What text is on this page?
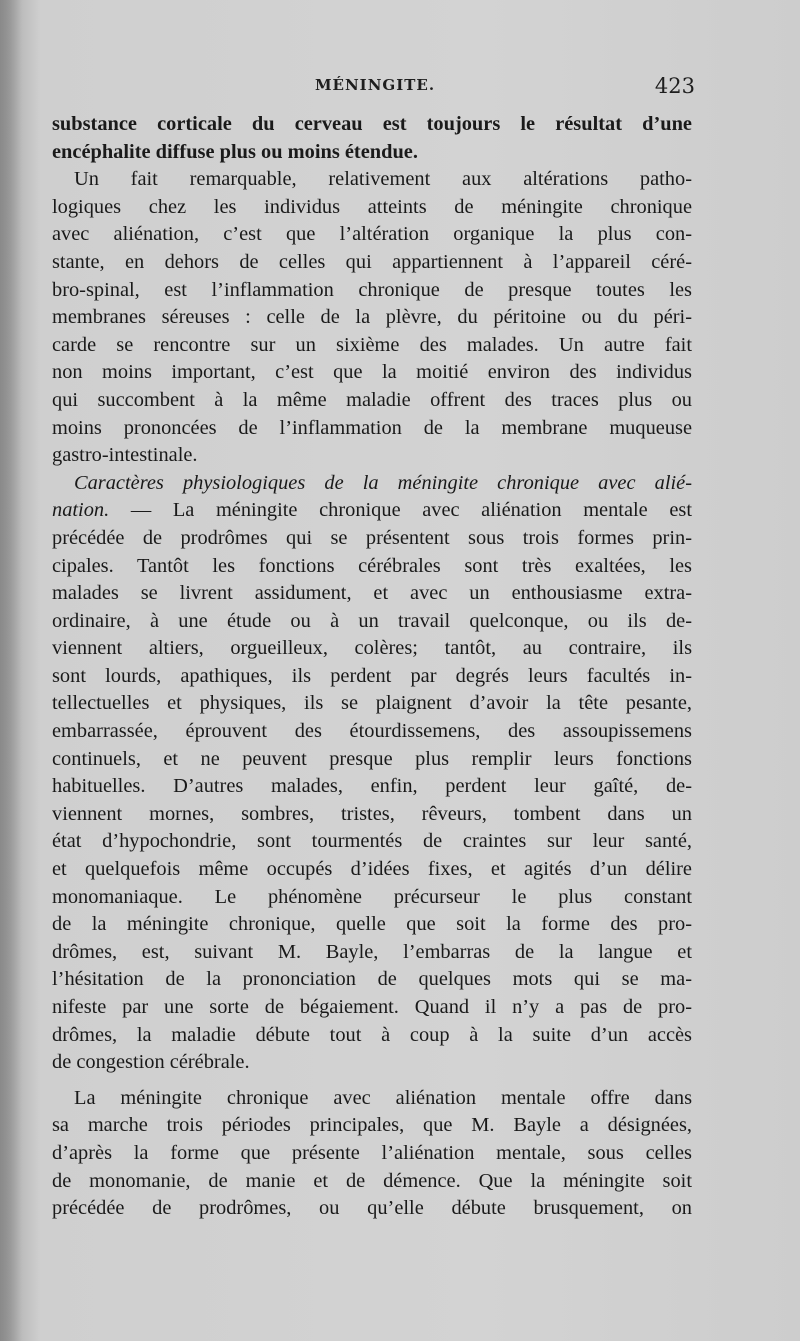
MÉNINGITE.	423
substance corticale du cerveau est toujours le résultat d’une
encéphalite diffuse plus ou moins étendue.
Un fait remarquable, relativement aux altérations patho-
logiques chez les individus atteints de méningite chronique
avec aliénation, c’est que l’altération organique la plus con-
stante, en dehors de celles qui appartiennent à l’appareil céré-
bro-spinal, est l’inflammation chronique de presque toutes les
membranes séreuses : celle de la plèvre, du péritoine ou du péri-
carde se rencontre sur un sixième des malades. Un autre fait
non moins important, c’est que la moitié environ des individus
qui succombent à la même maladie offrent des traces plus ou
moins prononcées de l’inflammation de la membrane muqueuse
gastro-intestinale.
Caractères physiologiques de la méningite chronique avec alié-
nation. — La méningite chronique avec aliénation mentale est
précédée de prodrômes qui se présentent sous trois formes prin-
cipales. Tantôt les fonctions cérébrales sont très exaltées, les
malades se livrent assidument, et avec un enthousiasme extra-
ordinaire, à une étude ou à un travail quelconque, ou ils de-
viennent altiers, orgueilleux, colères; tantôt, au contraire, ils
sont lourds, apathiques, ils perdent par degrés leurs facultés in-
tellectuelles et physiques, ils se plaignent d’avoir la tête pesante,
embarrassée, éprouvent des étourdissemens, des assoupissemens
continuels, et ne peuvent presque plus remplir leurs fonctions
habituelles. D’autres malades, enfin, perdent leur gaîté, de-
viennent mornes, sombres, tristes, rêveurs, tombent dans un
état d’hypochondrie, sont tourmentés de craintes sur leur santé,
et quelquefois même occupés d’idées fixes, et agités d’un délire
monomaniaque. Le phénomène précurseur le plus constant
de la méningite chronique, quelle que soit la forme des pro-
drômes, est, suivant M. Bayle, l’embarras de la langue et
l’hésitation de la prononciation de quelques mots qui se ma-
nifeste par une sorte de bégaiement. Quand il n’y a pas de pro-
drômes, la maladie débute tout à coup à la suite d’un accès
de congestion cérébrale.
La méningite chronique avec aliénation mentale offre dans
sa marche trois périodes principales, que M. Bayle a désignées,
d’après la forme que présente l’aliénation mentale, sous celles
de monomanie, de manie et de démence. Que la méningite soit
précédée de prodrômes, ou qu’elle débute brusquement, on
